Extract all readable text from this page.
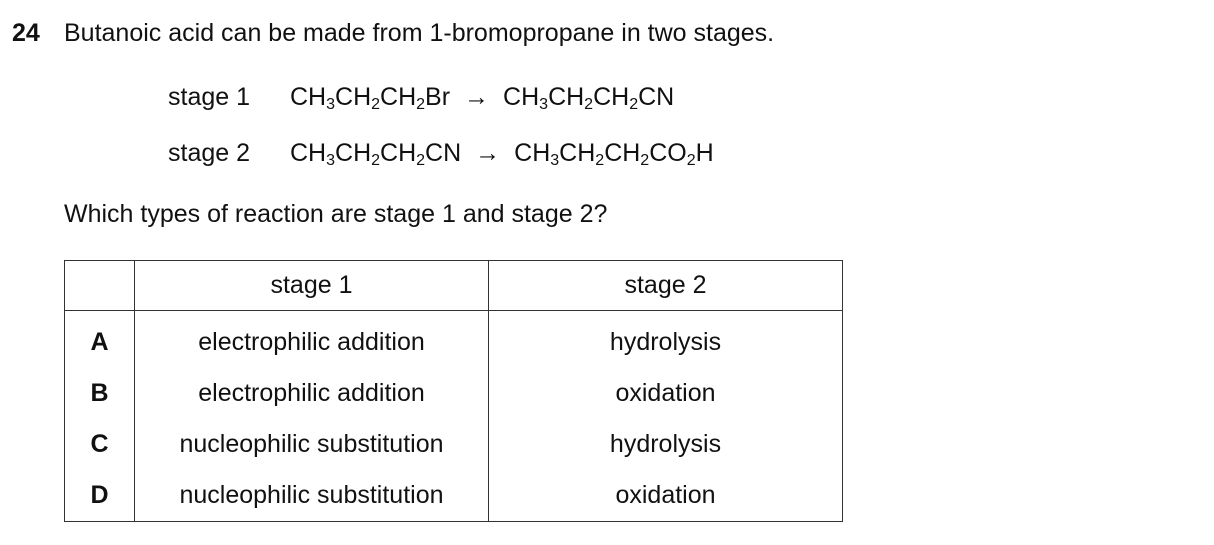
24 Butanoic acid can be made from 1-bromopropane in two stages.
stage 1 $CH_3CH_2CH_2Br \to CH_3CH_2CH_2CN$
stage 2 $CH_3CH_2CH_2CN \to CH_3CH_2CH_2CO_2H$
Which types of reaction are stage 1 and stage 2?
	stage 1	stage 2
A	electrophilic addition	hydrolysis
B	electrophilic addition	oxidation
C	nucleophilic substitution	hydrolysis
D	nucleophilic substitution	oxidation
